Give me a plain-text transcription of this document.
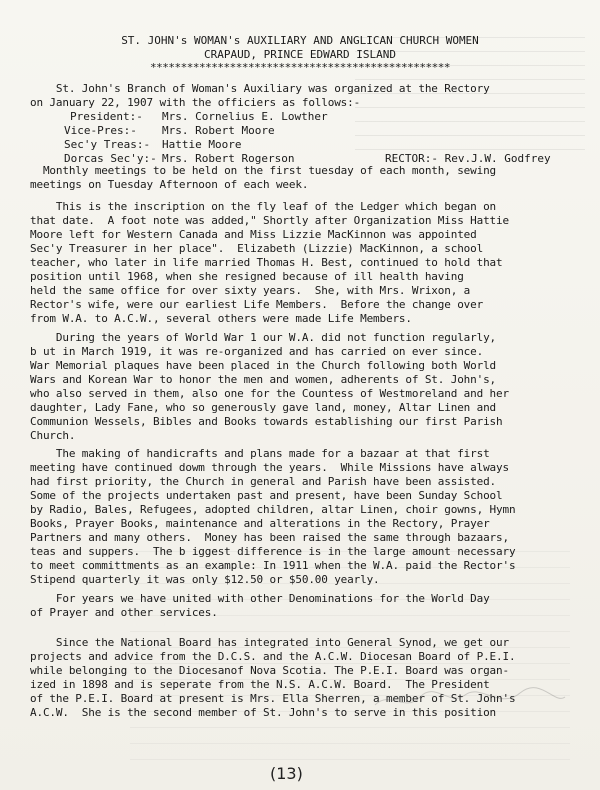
ST. JOHN's WOMAN's AUXILIARY AND ANGLICAN CHURCH WOMEN
CRAPAUD, PRINCE EDWARD ISLAND
*************************************************
St. John's Branch of Woman's Auxiliary was organized at the Rectory
on January 22, 1907 with the officiers as follows:-

President:-

Mrs. Cornelius E. Lowther

Vice-Pres:-

Mrs. Robert Moore

Sec'y Treas:-

Hattie Moore

Dorcas Sec'y:-

Mrs. Robert Rogerson

	RECTOR:- Rev.J.W. Godfrey

Monthly meetings to be held on the first tuesday of each month, sewing
meetings on Tuesday Afternoon of each week.
This is the inscription on the fly leaf of the Ledger which began on
that date.  A foot note was added," Shortly after Organization Miss Hattie
Moore left for Western Canada and Miss Lizzie MacKinnon was appointed
Sec'y Treasurer in her place".  Elizabeth (Lizzie) MacKinnon, a school
teacher, who later in life married Thomas H. Best, continued to hold that
position until 1968, when she resigned because of ill health having
held the same office for over sixty years.  She, with Mrs. Wrixon, a
Rector's wife, were our earliest Life Members.  Before the change over
from W.A. to A.C.W., several others were made Life Members.
During the years of World War 1 our W.A. did not function regularly,
b ut in March 1919, it was re-organized and has carried on ever since.
War Memorial plaques have been placed in the Church following both World
Wars and Korean War to honor the men and women, adherents of St. John's,
who also served in them, also one for the Countess of Westmoreland and her
daughter, Lady Fane, who so generously gave land, money, Altar Linen and
Communion Wessels, Bibles and Books towards establishing our first Parish
Church.
The making of handicrafts and plans made for a bazaar at that first
meeting have continued dowm through the years.  While Missions have always
had first priority, the Church in general and Parish have been assisted.
Some of the projects undertaken past and present, have been Sunday School
by Radio, Bales, Refugees, adopted children, altar Linen, choir gowns, Hymn
Books, Prayer Books, maintenance and alterations in the Rectory, Prayer
Partners and many others.  Money has been raised the same through bazaars,
teas and suppers.  The b iggest difference is in the large amount necessary
to meet committments as an example: In 1911 when the W.A. paid the Rector's
Stipend quarterly it was only $12.50 or $50.00 yearly.
For years we have united with other Denominations for the World Day
of Prayer and other services.
Since the National Board has integrated into General Synod, we get our
projects and advice from the D.C.S. and the A.C.W. Diocesan Board of P.E.I.
while belonging to the Diocesanof Nova Scotia. The P.E.I. Board was organ-
ized in 1898 and is seperate from the N.S. A.C.W. Board.  The President
of the P.E.I. Board at present is Mrs. Ella Sherren, a member of St. John's
A.C.W.  She is the second member of St. John's to serve in this position
(13)
